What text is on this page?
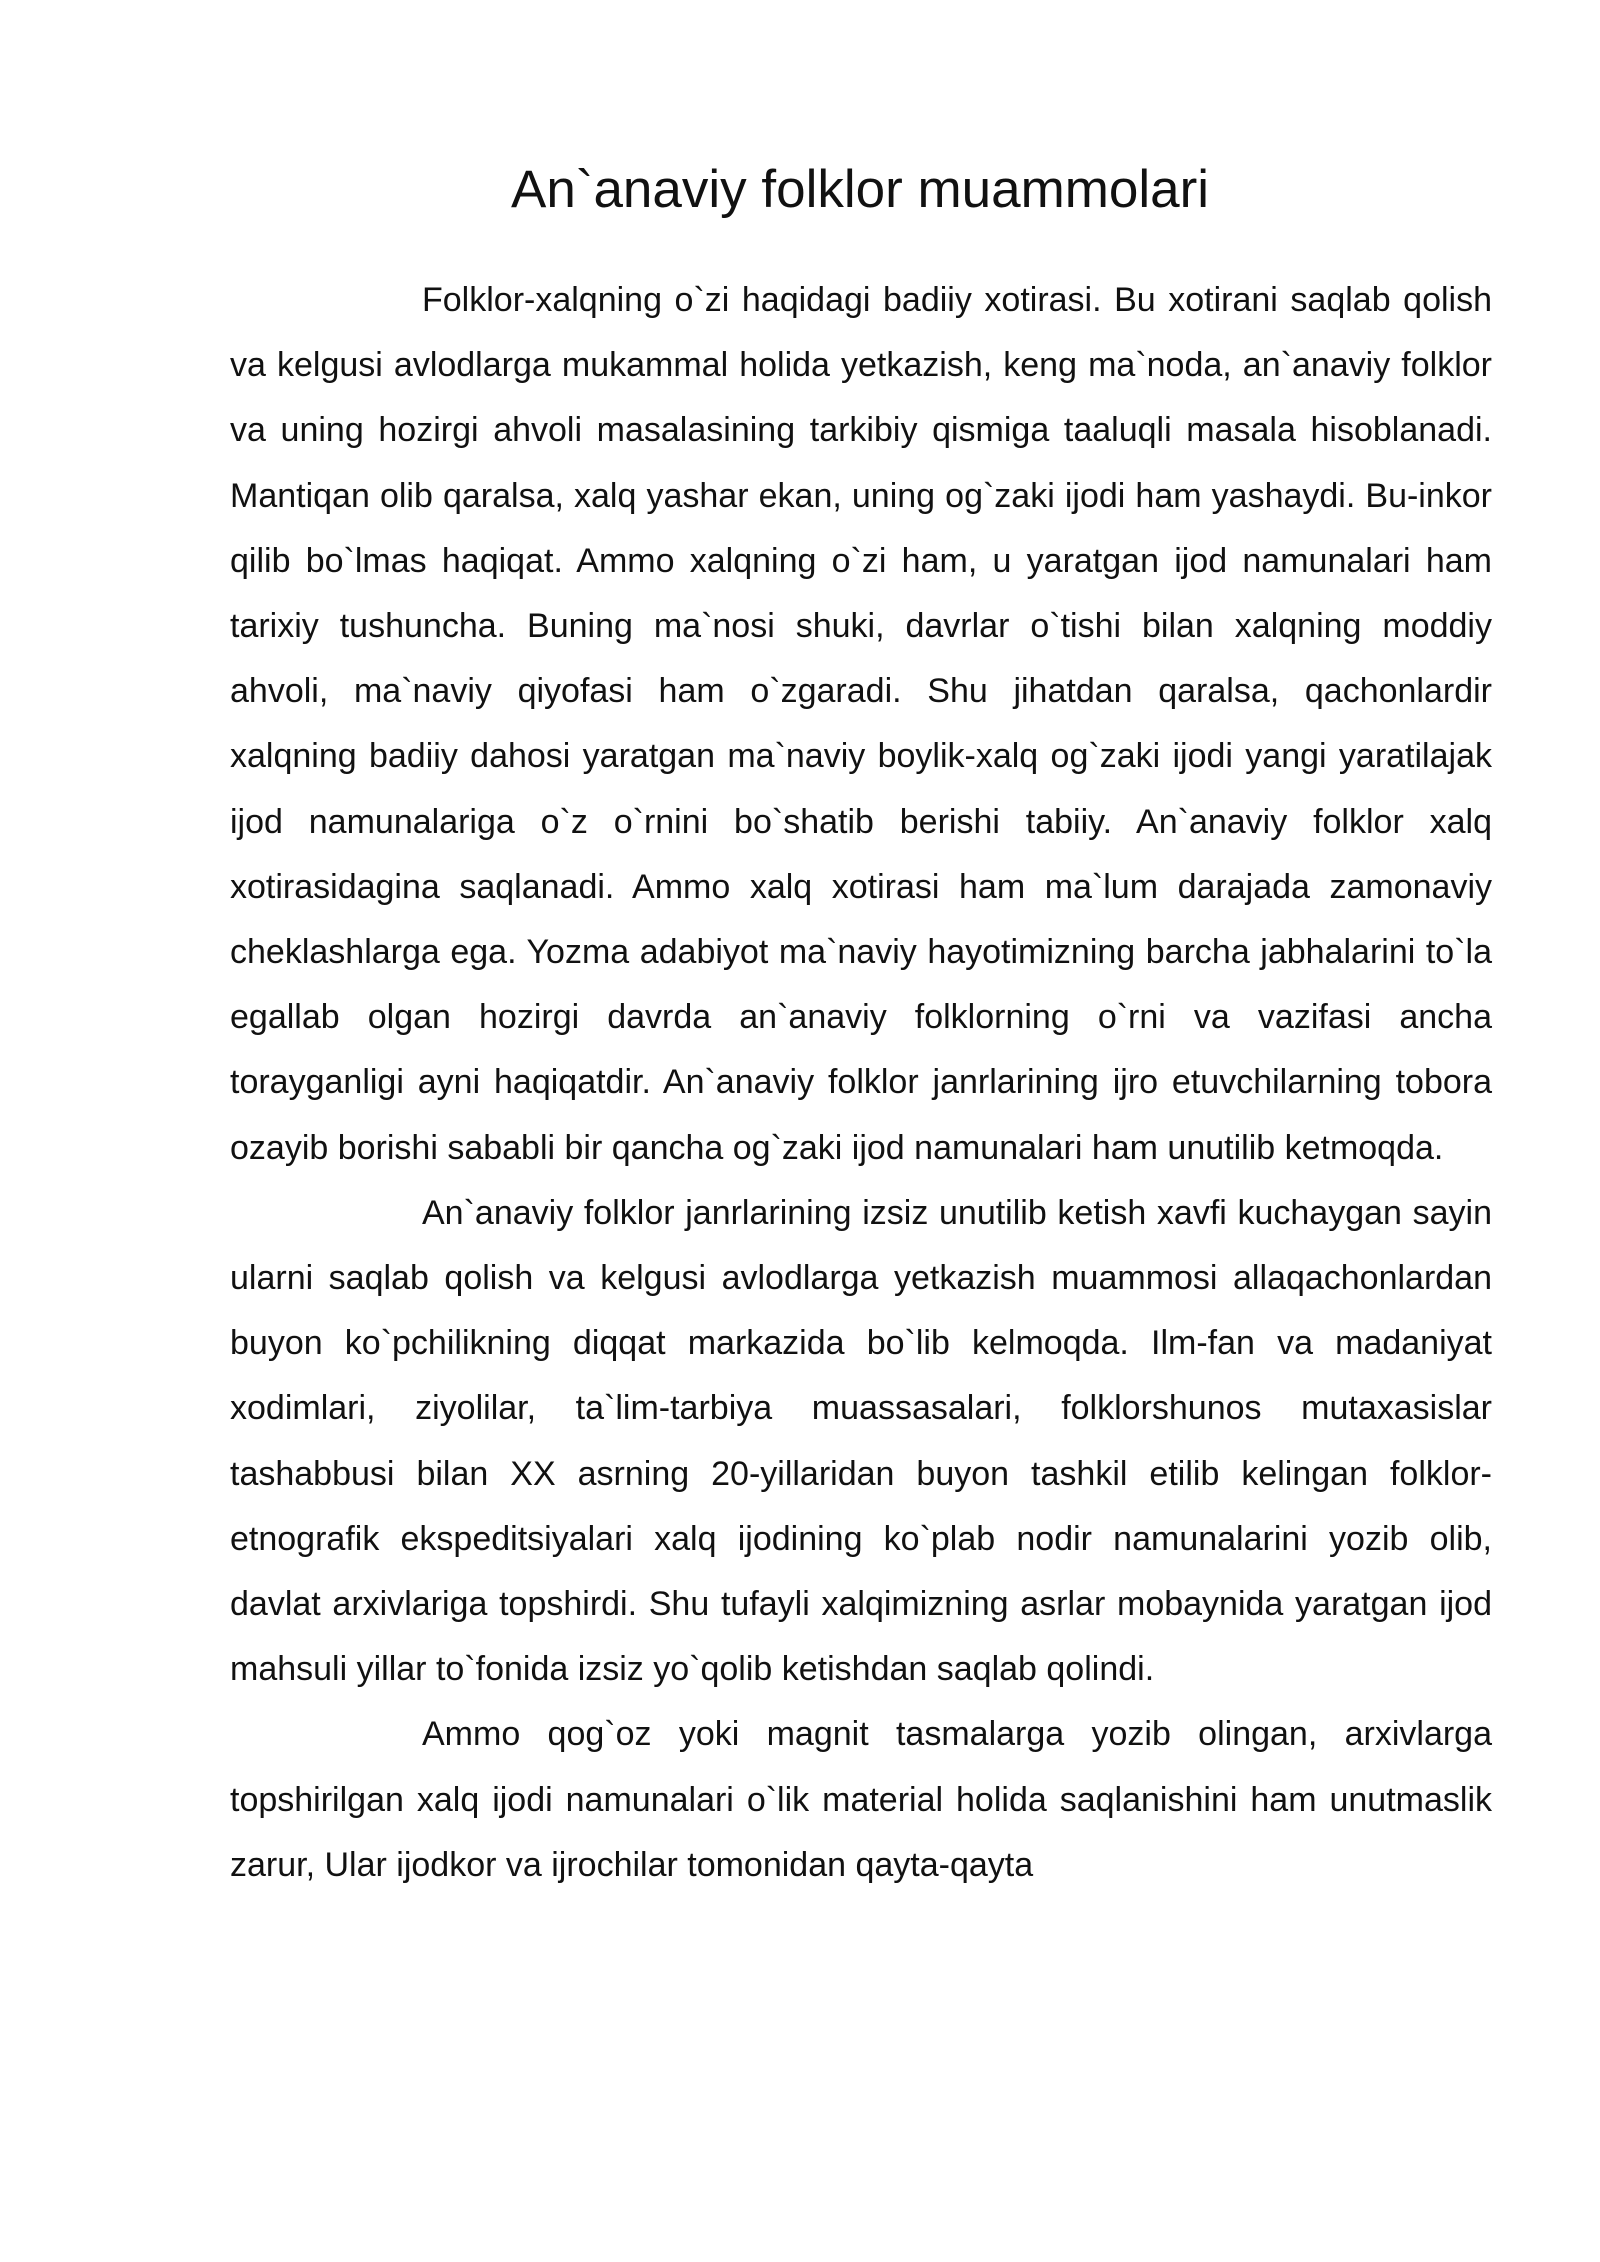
An`anaviy folklor muammolari

Folklor-xalqning o`zi haqidagi badiiy xotirasi. Bu xotirani saqlab qolish va kelgusi avlodlarga mukammal holida yetkazish, keng ma`noda, an`anaviy folklor va uning hozirgi ahvoli masalasining tarkibiy qismiga taaluqli masala hisoblanadi. Mantiqan olib qaralsa, xalq yashar ekan, uning og`zaki ijodi ham yashaydi. Bu-inkor qilib bo`lmas haqiqat. Ammo xalqning o`zi ham, u yaratgan ijod namunalari ham tarixiy tushuncha. Buning ma`nosi shuki, davrlar o`tishi bilan xalqning moddiy ahvoli, ma`naviy qiyofasi ham o`zgaradi. Shu jihatdan qaralsa, qachonlardir xalqning badiiy dahosi yaratgan ma`naviy boylik-xalq og`zaki ijodi yangi yaratilajak ijod namunalariga o`z o`rnini bo`shatib berishi tabiiy. An`anaviy folklor xalq xotirasidagina saqlanadi. Ammo xalq xotirasi ham ma`lum darajada zamonaviy cheklashlarga ega. Yozma adabiyot ma`naviy hayotimizning barcha jabhalarini to`la egallab olgan hozirgi davrda an`anaviy folklorning o`rni va vazifasi ancha torayganligi ayni haqiqatdir. An`anaviy folklor janrlarining ijro etuvchilarning tobora ozayib borishi sababli bir qancha og`zaki ijod namunalari ham unutilib ketmoqda.

An`anaviy folklor janrlarining izsiz unutilib ketish xavfi kuchaygan sayin ularni saqlab qolish va kelgusi avlodlarga yetkazish muammosi allaqachonlardan buyon ko`pchilikning diqqat markazida bo`lib kelmoqda. Ilm-fan va madaniyat xodimlari, ziyolilar, ta`lim-tarbiya muassasalari, folklorshunos mutaxasislar tashabbusi bilan XX asrning 20-yillaridan buyon tashkil etilib kelingan folklor-etnografik ekspeditsiyalari xalq ijodining ko`plab nodir namunalarini yozib olib, davlat arxivlariga topshirdi. Shu tufayli xalqimizning asrlar mobaynida yaratgan ijod mahsuli yillar to`fonida izsiz yo`qolib ketishdan saqlab qolindi.

Ammo qog`oz yoki magnit tasmalarga yozib olingan, arxivlarga topshirilgan xalq ijodi namunalari o`lik material holida saqlanishini ham unutmaslik zarur, Ular ijodkor va ijrochilar tomonidan qayta-qayta
